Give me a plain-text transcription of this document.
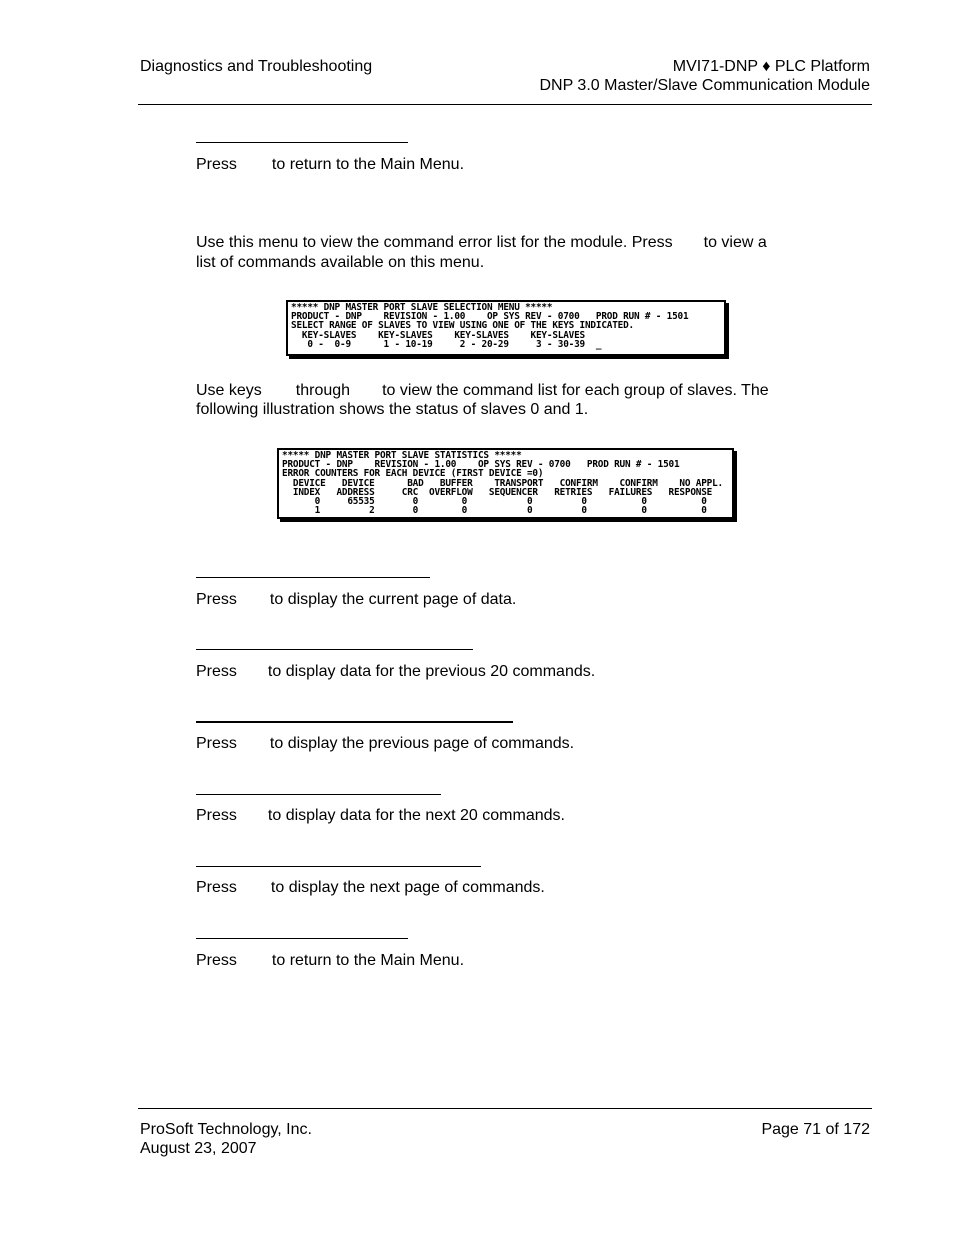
Diagnostics and Troubleshooting	MVI71-DNP ♦ PLC Platform
DNP 3.0 Master/Slave Communication Module
Press to return to the Main Menu.
Use this menu to view the command error list for the module. Press to view a
list of commands available on this menu.
***** DNP MASTER PORT SLAVE SELECTION MENU *****
PRODUCT - DNP    REVISION - 1.00    OP SYS REV - 0700   PROD RUN # - 1501
SELECT RANGE OF SLAVES TO VIEW USING ONE OF THE KEYS INDICATED.
KEY-SLAVES    KEY-SLAVES    KEY-SLAVES    KEY-SLAVES
0 -  0-9      1 - 10-19     2 - 20-29     3 - 30-39  _
Use keys through to view the command list for each group of slaves. The
following illustration shows the status of slaves 0 and 1.
***** DNP MASTER PORT SLAVE STATISTICS *****
PRODUCT - DNP    REVISION - 1.00    OP SYS REV - 0700   PROD RUN # - 1501
ERROR COUNTERS FOR EACH DEVICE (FIRST DEVICE =0)
DEVICE   DEVICE      BAD   BUFFER    TRANSPORT   CONFIRM    CONFIRM    NO APPL.
INDEX   ADDRESS     CRC  OVERFLOW   SEQUENCER   RETRIES   FAILURES   RESPONSE
0     65535       0        0           0         0          0          0
1         2       0        0           0         0          0          0
Press to display the current page of data.
Press to display data for the previous 20 commands.
Press to display the previous page of commands.
Press to display data for the next 20 commands.
Press to display the next page of commands.
Press to return to the Main Menu.
ProSoft Technology, Inc.
August 23, 2007
Page 71 of 172
